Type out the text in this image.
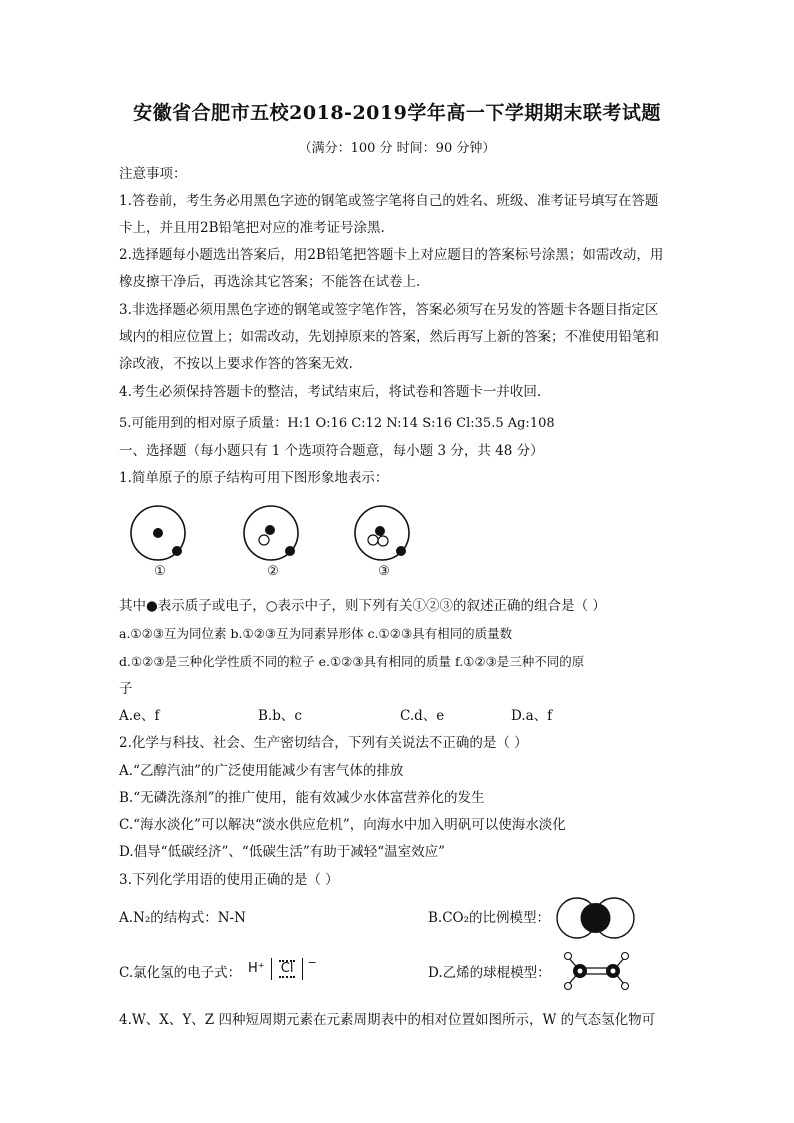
安徽省合肥市五校2018-2019学年高一下学期期末联考试题
（满分：100 分 时间：90 分钟）
注意事项：
1.答卷前，考生务必用黑色字迹的钢笔或签字笔将自己的姓名、班级、准考证号填写在答题
卡上，并且用2B铅笔把对应的准考证号涂黑.
2.选择题每小题选出答案后，用2B铅笔把答题卡上对应题目的答案标号涂黑；如需改动，用
橡皮擦干净后，再选涂其它答案；不能答在试卷上.
3.非选择题必须用黑色字迹的钢笔或签字笔作答，答案必须写在另发的答题卡各题目指定区
域内的相应位置上；如需改动，先划掉原来的答案，然后再写上新的答案；不准使用铅笔和
涂改液，不按以上要求作答的答案无效.
4.考生必须保持答题卡的整洁，考试结束后，将试卷和答题卡一并收回.
5.可能用到的相对原子质量：H:1 O:16 C:12 N:14 S:16 Cl:35.5 Ag:108
一、选择题（每小题只有 1 个选项符合题意，每小题 3 分，共 48 分）
1.简单原子的原子结构可用下图形象地表示：
①	②	③
其中●表示质子或电子，○表示中子，则下列有关①②③的叙述正确的组合是（ ）
a.①②③互为同位素 b.①②③互为同素异形体 c.①②③具有相同的质量数
d.①②③是三种化学性质不同的粒子 e.①②③具有相同的质量 f.①②③是三种不同的原
子
A.e、f	B.b、c	C.d、e	D.a、f
2.化学与科技、社会、生产密切结合，下列有关说法不正确的是（ ）
A.“乙醇汽油”的广泛使用能减少有害气体的排放
B.“无磷洗涤剂”的推广使用，能有效减少水体富营养化的发生
C.“海水淡化”可以解决“淡水供应危机”，向海水中加入明矾可以使海水淡化
D.倡导“低碳经济”、“低碳生活”有助于减轻“温室效应”
3.下列化学用语的使用正确的是（ ）
A.N₂的结构式：N-N	B.CO₂的比例模型：
C.氯化氢的电子式： H⁺ Cl −
D.乙烯的球棍模型：
4.W、X、Y、Z 四种短周期元素在元素周期表中的相对位置如图所示，W 的气态氢化物可
